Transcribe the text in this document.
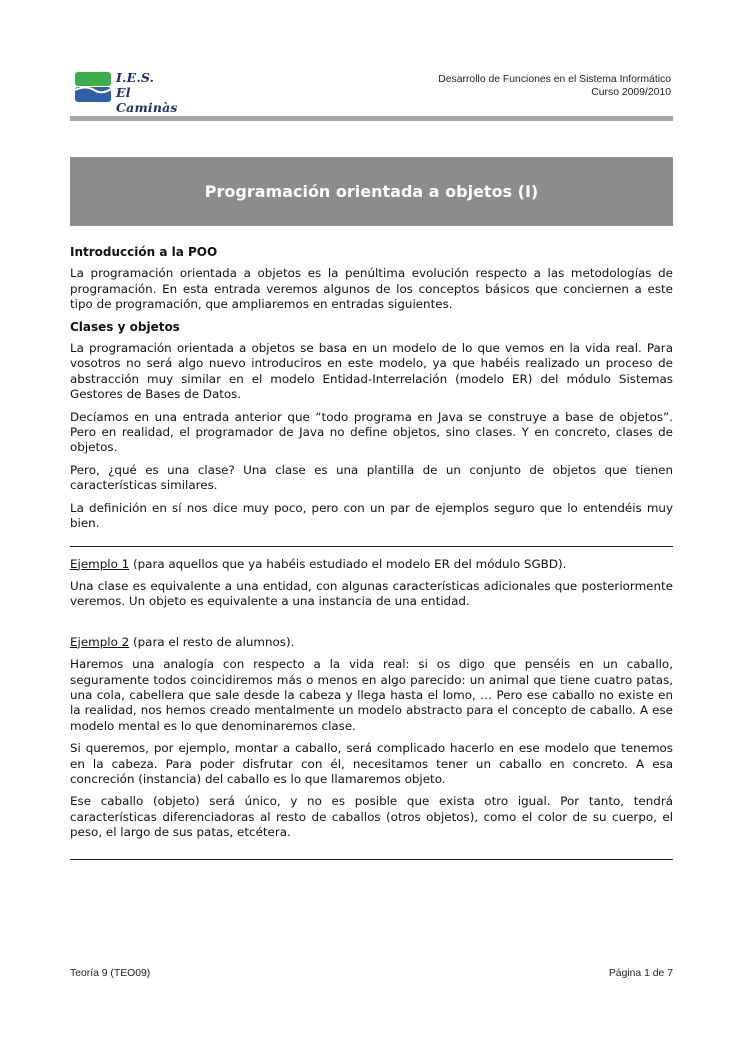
I.E.S.
El Caminàs
Desarrollo de Funciones en el Sistema Informático
Curso 2009/2010
Programación orientada a objetos (I)
Introducción a la POO

La programación orientada a objetos es la penúltima evolución respecto a las metodologías de programación. En esta entrada veremos algunos de los conceptos básicos que conciernen a este tipo de programación, que ampliaremos en entradas siguientes.

Clases y objetos

La programación orientada a objetos se basa en un modelo de lo que vemos en la vida real. Para vosotros no será algo nuevo introduciros en este modelo, ya que habéis realizado un proceso de abstracción muy similar en el modelo Entidad-Interrelación (modelo ER) del módulo Sistemas Gestores de Bases de Datos.

Decíamos en una entrada anterior que “todo programa en Java se construye a base de objetos”. Pero en realidad, el programador de Java no define objetos, sino clases. Y en concreto, clases de objetos.

Pero, ¿qué es una clase? Una clase es una plantilla de un conjunto de objetos que tienen características similares.

La definición en sí nos dice muy poco, pero con un par de ejemplos seguro que lo entendéis muy bien.

Ejemplo 1 (para aquellos que ya habéis estudiado el modelo ER del módulo SGBD).

Una clase es equivalente a una entidad, con algunas características adicionales que posteriormente veremos. Un objeto es equivalente a una instancia de una entidad.

Ejemplo 2 (para el resto de alumnos).

Haremos una analogía con respecto a la vida real: si os digo que penséis en un caballo, seguramente todos coincidiremos más o menos en algo parecido: un animal que tiene cuatro patas, una cola, cabellera que sale desde la cabeza y llega hasta el lomo, … Pero ese caballo no existe en la realidad, nos hemos creado mentalmente un modelo abstracto para el concepto de caballo. A ese modelo mental es lo que denominaremos clase.

Si queremos, por ejemplo, montar a caballo, será complicado hacerlo en ese modelo que tenemos en la cabeza. Para poder disfrutar con él, necesitamos tener un caballo en concreto. A esa concreción (instancia) del caballo es lo que llamaremos objeto.

Ese caballo (objeto) será único, y no es posible que exista otro igual. Por tanto, tendrá características diferenciadoras al resto de caballos (otros objetos), como el color de su cuerpo, el peso, el largo de sus patas, etcétera.

Teoría 9 (TEO09)	Página 1 de 7
